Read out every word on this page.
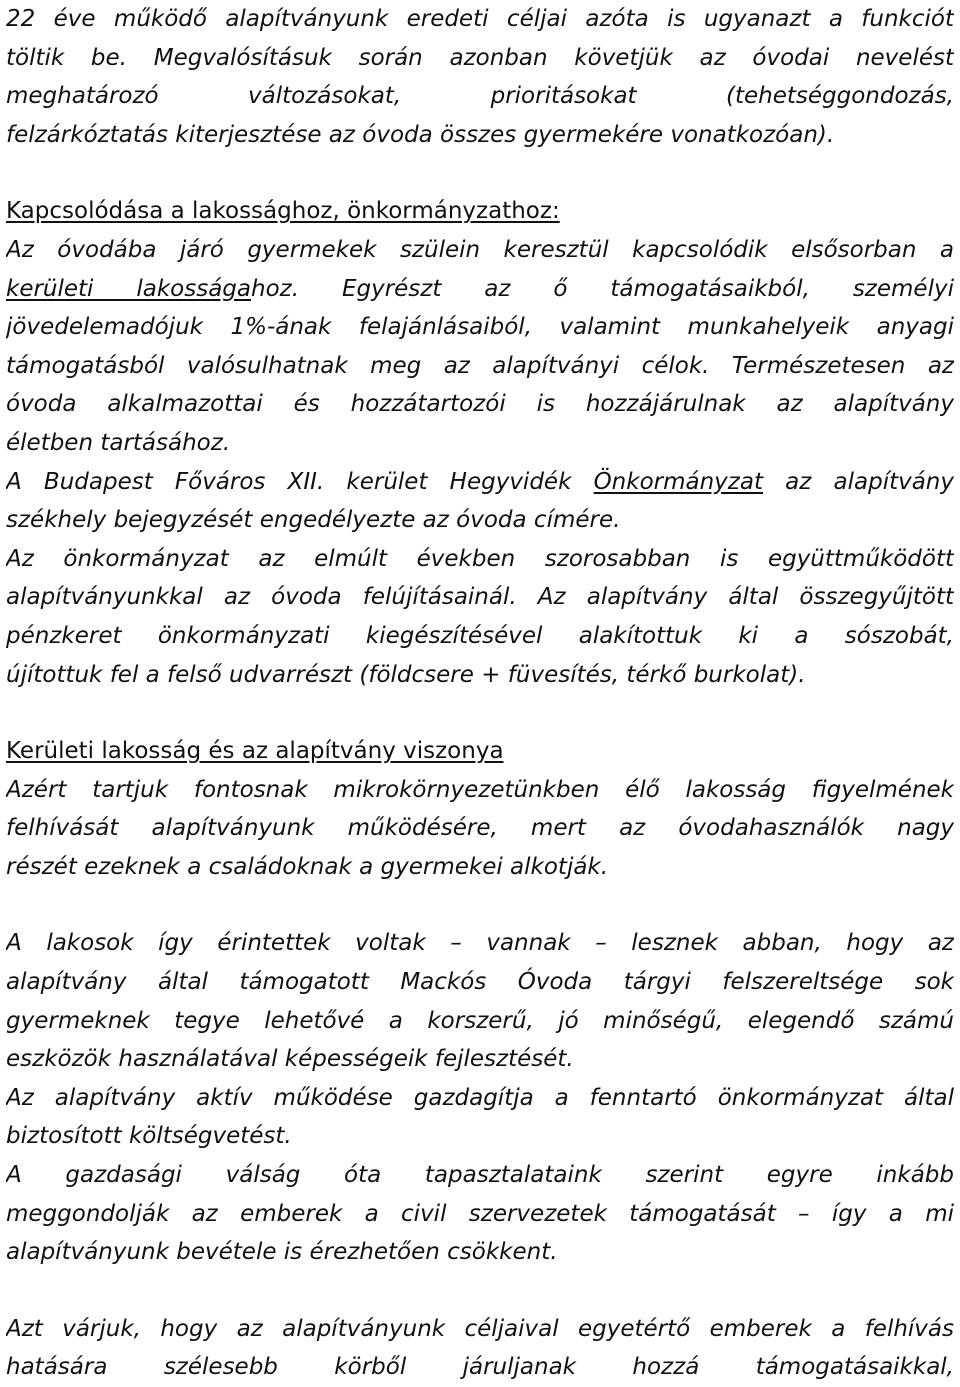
22 éve működő alapítványunk eredeti céljai azóta is ugyanazt a funkciót
töltik be. Megvalósításuk során azonban követjük az óvodai nevelést
meghatározó változásokat, prioritásokat (tehetséggondozás,
felzárkóztatás kiterjesztése az óvoda összes gyermekére vonatkozóan).
Kapcsolódása a lakossághoz, önkormányzathoz:
Az óvodába járó gyermekek szülein keresztül kapcsolódik elsősorban a
kerületi lakosságahoz. Egyrészt az ő támogatásaikból, személyi
jövedelemadójuk 1%-ának felajánlásaiból, valamint munkahelyeik anyagi
támogatásból valósulhatnak meg az alapítványi célok. Természetesen az
óvoda alkalmazottai és hozzátartozói is hozzájárulnak az alapítvány
életben tartásához.
A Budapest Főváros XII. kerület Hegyvidék Önkormányzat az alapítvány
székhely bejegyzését engedélyezte az óvoda címére.
Az önkormányzat az elmúlt években szorosabban is együttműködött
alapítványunkkal az óvoda felújításainál. Az alapítvány által összegyűjtött
pénzkeret önkormányzati kiegészítésével alakítottuk ki a sószobát,
újítottuk fel a felső udvarrészt (földcsere + füvesítés, térkő burkolat).
Kerületi lakosság és az alapítvány viszonya
Azért tartjuk fontosnak mikrokörnyezetünkben élő lakosság figyelmének
felhívását alapítványunk működésére, mert az óvodahasználók nagy
részét ezeknek a családoknak a gyermekei alkotják.
A lakosok így érintettek voltak – vannak – lesznek abban, hogy az
alapítvány által támogatott Mackós Óvoda tárgyi felszereltsége sok
gyermeknek tegye lehetővé a korszerű, jó minőségű, elegendő számú
eszközök használatával képességeik fejlesztését.
Az alapítvány aktív működése gazdagítja a fenntartó önkormányzat által
biztosított költségvetést.
A gazdasági válság óta tapasztalataink szerint egyre inkább
meggondolják az emberek a civil szervezetek támogatását – így a mi
alapítványunk bevétele is érezhetően csökkent.
Azt várjuk, hogy az alapítványunk céljaival egyetértő emberek a felhívás
hatására szélesebb körből járuljanak hozzá támogatásaikkal,
